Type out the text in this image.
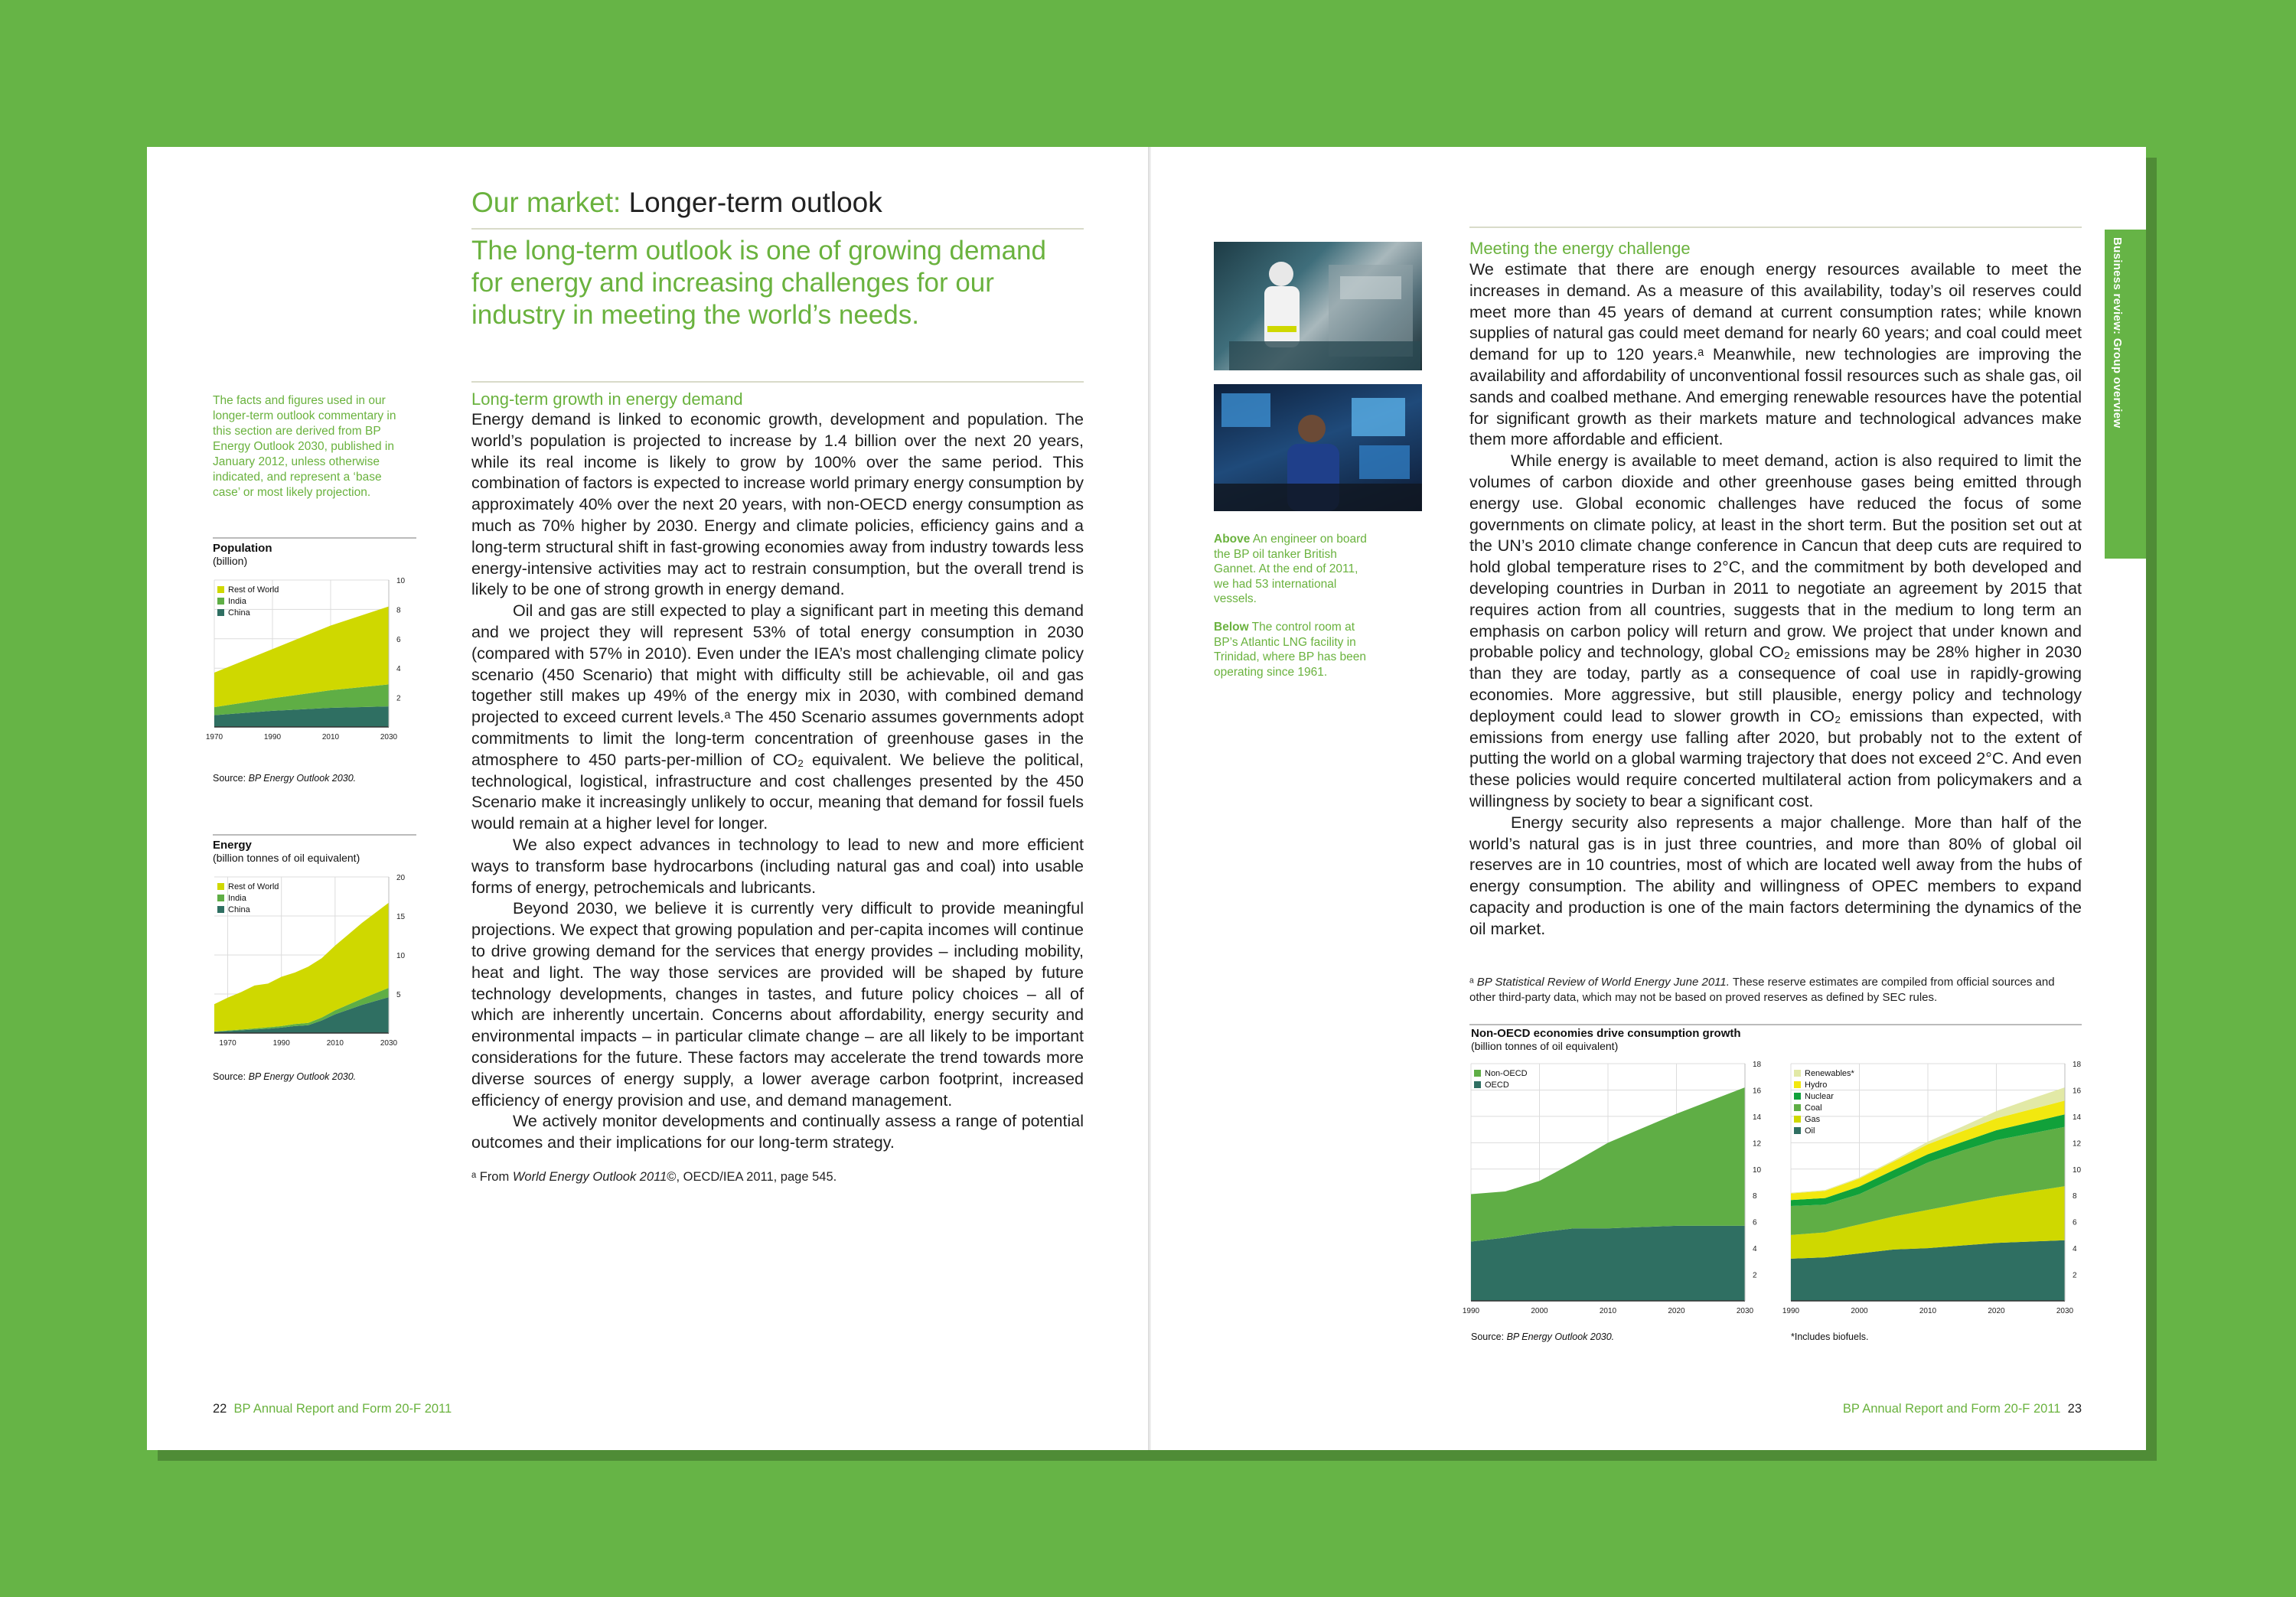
Our market: Longer-term outlook
The long-term outlook is one of growing demand for energy and increasing challenges for our industry in meeting the world’s needs.
The facts and figures used in our longer-term outlook commentary in this section are derived from BP Energy Outlook 2030, published in January 2012, unless otherwise indicated, and represent a ‘base case’ or most likely projection.
Population
(billion)
2
4
6
8
10
1970	1990	2010	2030
Rest of World
India
China
Source: BP Energy Outlook 2030.
Energy
(billion tonnes of oil equivalent)
5
10
15
20
1970	1990	2010	2030
Rest of World
India
China
Source: BP Energy Outlook 2030.
Long-term growth in energy demand

Energy demand is linked to economic growth, development and population. The world’s population is projected to increase by 1.4 billion over the next 20 years, while its real income is likely to grow by 100% over the same period. This combination of factors is expected to increase world primary energy consumption by approximately 40% over the next 20 years, with non-OECD energy consumption as much as 70% higher by 2030. Energy and climate policies, efficiency gains and a long-term structural shift in fast-growing economies away from industry towards less energy-intensive activities may act to restrain consumption, but the overall trend is likely to be one of strong growth in energy demand.

Oil and gas are still expected to play a significant part in meeting this demand and we project they will represent 53% of total energy consumption in 2030 (compared with 57% in 2010). Even under the IEA’s most challenging climate policy scenario (450 Scenario) that might with difficulty still be achievable, oil and gas together still makes up 49% of the energy mix in 2030, with combined demand projected to exceed current levels.ᵃ The 450 Scenario assumes governments adopt commitments to limit the long-term concentration of greenhouse gases in the atmosphere to 450 parts-per-million of CO₂ equivalent. We believe the political, technological, logistical, infrastructure and cost challenges presented by the 450 Scenario make it increasingly unlikely to occur, meaning that demand for fossil fuels would remain at a higher level for longer.

We also expect advances in technology to lead to new and more efficient ways to transform base hydrocarbons (including natural gas and coal) into usable forms of energy, petrochemicals and lubricants.

Beyond 2030, we believe it is currently very difficult to provide meaningful projections. We expect that growing population and per-capita incomes will continue to drive growing demand for the services that energy provides – including mobility, heat and light. The way those services are provided will be shaped by future technology developments, changes in tastes, and future policy choices – all of which are inherently uncertain. Concerns about affordability, energy security and environmental impacts – in particular climate change – are all likely to be important considerations for the future. These factors may accelerate the trend towards more diverse sources of energy supply, a lower average carbon footprint, increased efficiency of energy provision and use, and demand management.

We actively monitor developments and continually assess a range of potential outcomes and their implications for our long-term strategy.

ᵃ From World Energy Outlook 2011©, OECD/IEA 2011, page 545.
22 BP Annual Report and Form 20-F 2011
Above An engineer on board the BP oil tanker British Gannet. At the end of 2011, we had 53 international vessels.
Below The control room at BP’s Atlantic LNG facility in Trinidad, where BP has been operating since 1961.
Meeting the energy challenge

We estimate that there are enough energy resources available to meet the increases in demand. As a measure of this availability, today’s oil reserves could meet more than 45 years of demand at current consumption rates; while known supplies of natural gas could meet demand for nearly 60 years; and coal could meet demand for up to 120 years.ᵃ Meanwhile, new technologies are improving the availability and affordability of unconventional fossil resources such as shale gas, oil sands and coalbed methane. And emerging renewable resources have the potential for significant growth as their markets mature and technological advances make them more affordable and efficient.

While energy is available to meet demand, action is also required to limit the volumes of carbon dioxide and other greenhouse gases being emitted through energy use. Global economic challenges have reduced the focus of some governments on climate policy, at least in the short term. But the position set out at the UN’s 2010 climate change conference in Cancun that deep cuts are required to hold global temperature rises to 2°C, and the commitment by both developed and developing countries in Durban in 2011 to negotiate an agreement by 2015 that requires action from all countries, suggests that in the medium to long term an emphasis on carbon policy will return and grow. We project that under known and probable policy and technology, global CO₂ emissions may be 28% higher in 2030 than they are today, partly as a consequence of coal use in rapidly-growing economies. More aggressive, but still plausible, energy policy and technology deployment could lead to slower growth in CO₂ emissions than expected, with emissions from energy use falling after 2020, but probably not to the extent of putting the world on a global warming trajectory that does not exceed 2°C. And even these policies would require concerted multilateral action from policymakers and a willingness by society to bear a significant cost.

Energy security also represents a major challenge. More than half of the world’s natural gas is in just three countries, and more than 80% of global oil reserves are in 10 countries, most of which are located well away from the hubs of energy consumption. The ability and willingness of OPEC members to expand capacity and production is one of the main factors determining the dynamics of the oil market.

ᵃ BP Statistical Review of World Energy June 2011. These reserve estimates are compiled from official sources and other third-party data, which may not be based on proved reserves as defined by SEC rules.
Non-OECD economies drive consumption growth
(billion tonnes of oil equivalent)
2
4
6
8
10
12
14
16
18
1990	2000	2010	2020	2030
Non-OECD
OECD
2
4
6
8
10
12
14
16
18
1990	2000	2010	2020	2030
Renewables*
Hydro
Nuclear
Coal
Gas
Oil
Source: BP Energy Outlook 2030.	*Includes biofuels.
BP Annual Report and Form 20-F 2011 23
Business review: Group overview
